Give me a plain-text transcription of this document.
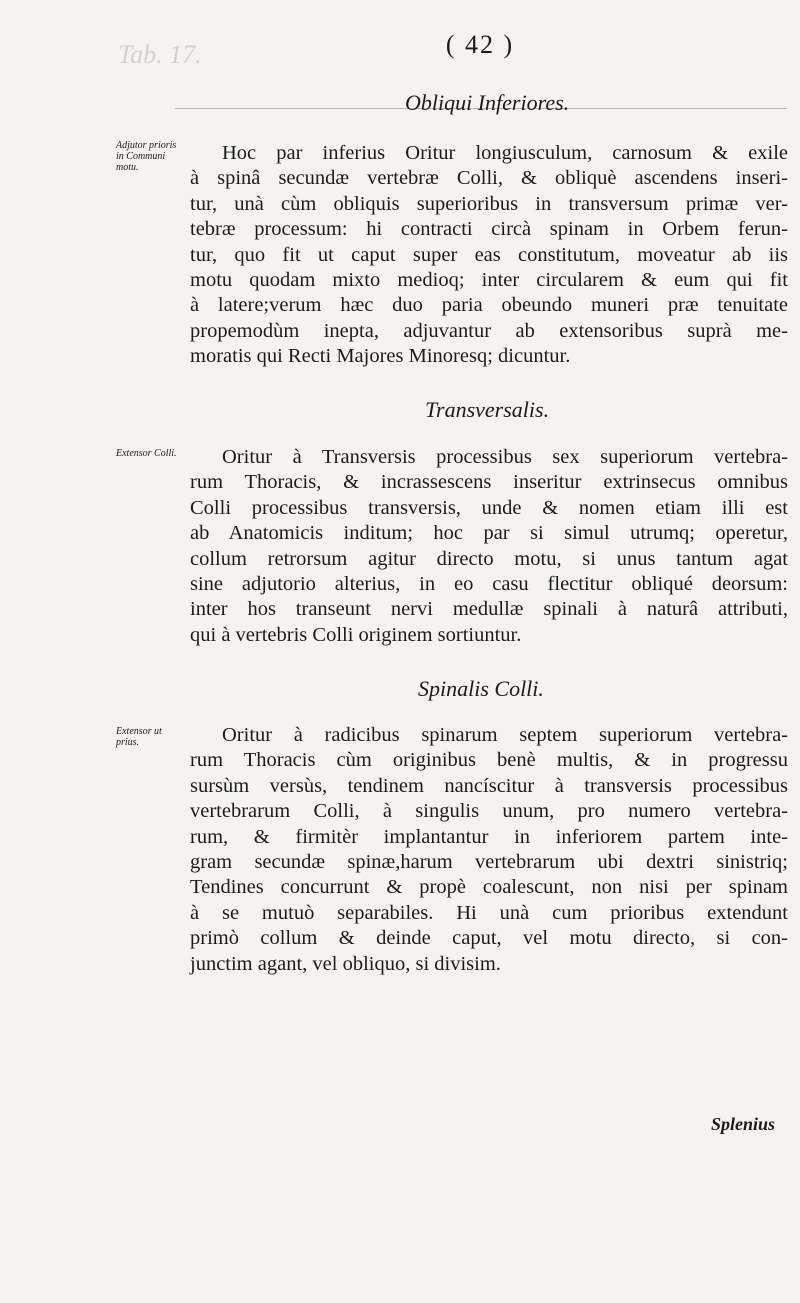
( 42 )
Tab. 17.
Obliqui Inferiores.
Adjutor prioris
in Communi
motu.
Hoc par inferius Oritur longiusculum, carnosum & exile
à spinâ secundæ vertebræ Colli, & obliquè ascendens inseri-
tur, unà cùm obliquis superioribus in transversum primæ ver-
tebræ processum: hi contracti circà spinam in Orbem ferun-
tur, quo fit ut caput super eas constitutum, moveatur ab iis
motu quodam mixto medioq; inter circularem & eum qui fit
à latere;verum hæc duo paria obeundo muneri præ tenuitate
propemodùm inepta, adjuvantur ab extensoribus suprà me-
moratis qui Recti Majores Minoresq; dicuntur.
Transversalis.
Extensor Colli.	Oritur à Transversis processibus sex superiorum vertebra-
rum Thoracis, & incrassescens inseritur extrinsecus omnibus
Colli processibus transversis, unde & nomen etiam illi est
ab Anatomicis inditum; hoc par si simul utrumq; operetur,
collum retrorsum agitur directo motu, si unus tantum agat
sine adjutorio alterius, in eo casu flectitur obliqué deorsum:
inter hos transeunt nervi medullæ spinali à naturâ attributi,
qui à vertebris Colli originem sortiuntur.
Spinalis Colli.
Extensor ut
prius.	Oritur à radicibus spinarum septem superiorum vertebra-
rum Thoracis cùm originibus benè multis, & in progressu
sursùm versùs, tendinem nancíscitur à transversis processibus
vertebrarum Colli, à singulis unum, pro numero vertebra-
rum, & firmitèr implantantur in inferiorem partem inte-
gram secundæ spinæ,harum vertebrarum ubi dextri sinistriq;
Tendines concurrunt & propè coalescunt, non nisi per spinam
à se mutuò separabiles. Hi unà cum prioribus extendunt
primò collum & deinde caput, vel motu directo, si con-
junctim agant, vel obliquo, si divisim.
Splenius
